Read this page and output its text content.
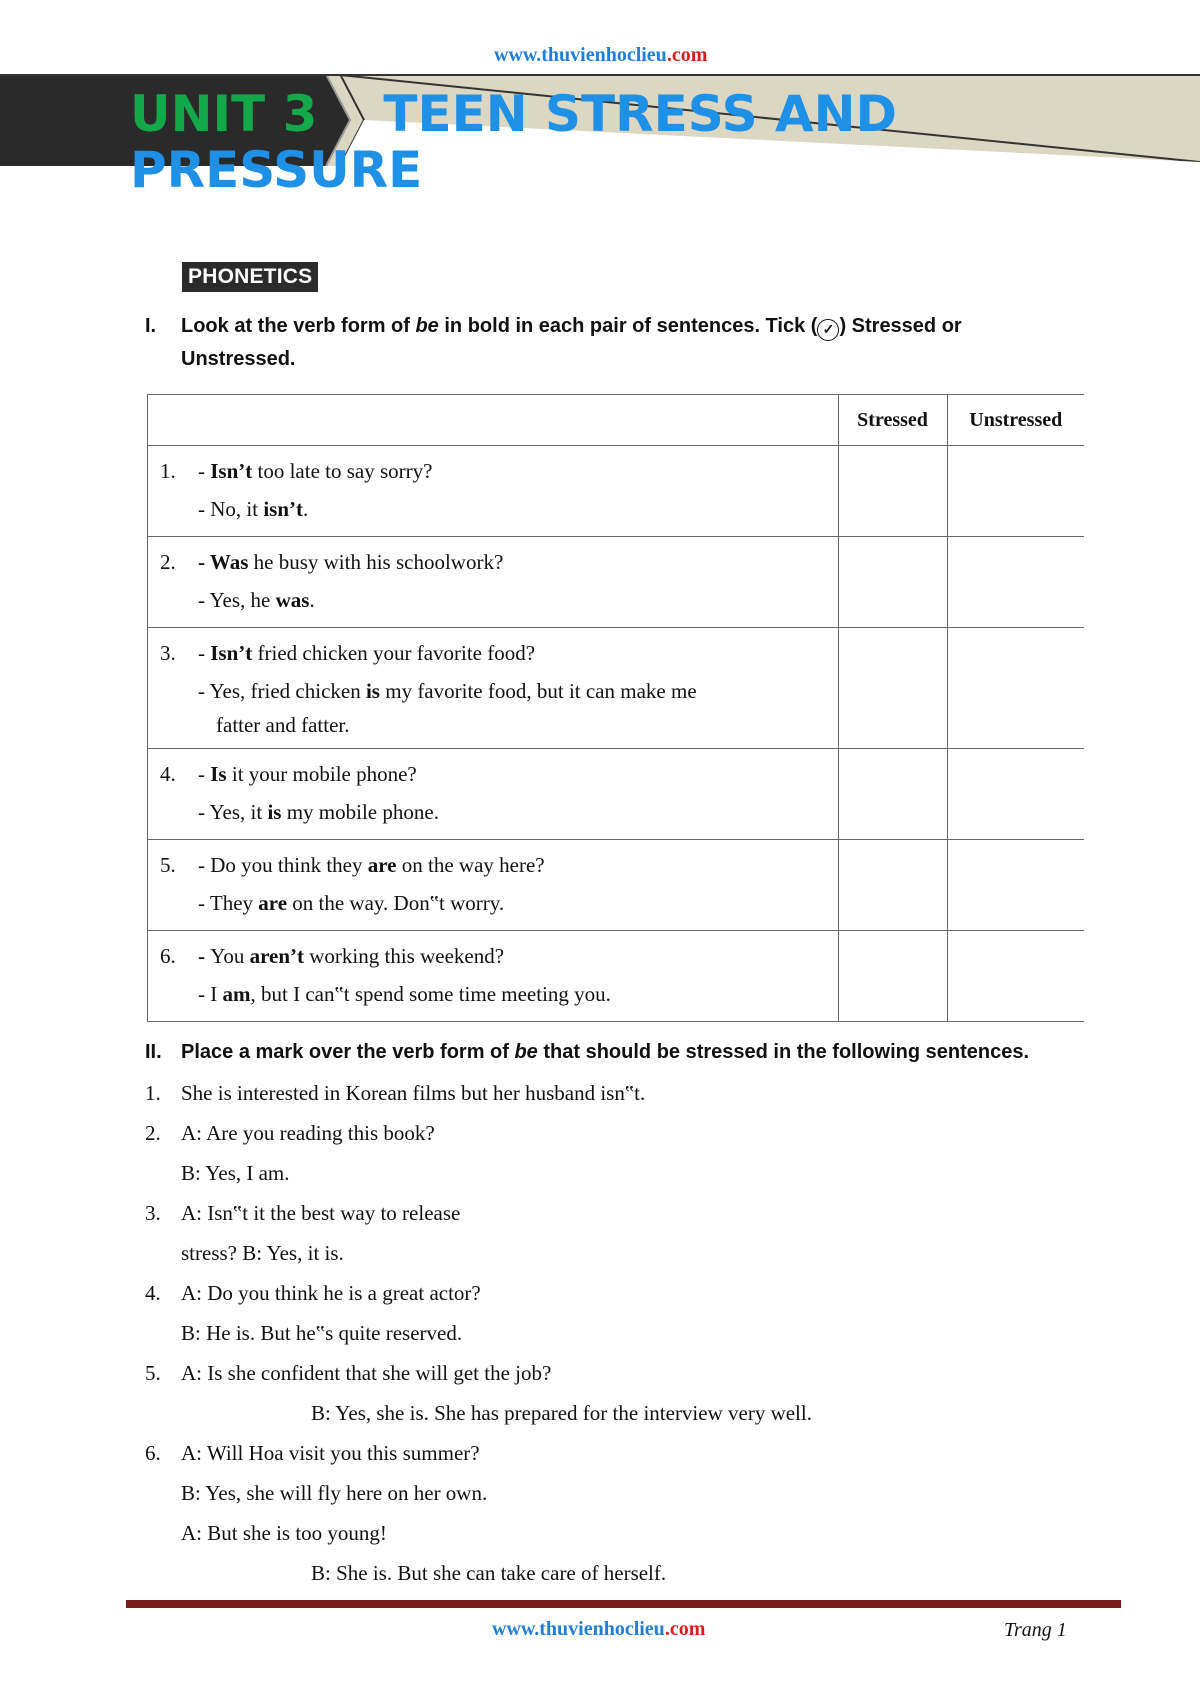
www.thuvienhoclieu.com
UNIT 3 TEEN STRESS AND
PRESSURE
PHONETICS
I. Look at the verb form of be in bold in each pair of sentences. Tick ( ✓ ) Stressed or
Unstressed.
	Stressed	Unstressed

1. - Isn’t too late to say sorry?
- No, it isn’t.		

2. - Was he busy with his schoolwork?
- Yes, he was.		

3. - Isn’t fried chicken your favorite food?
- Yes, fried chicken is my favorite food, but it can make me
fatter and fatter.		

4. - Is it your mobile phone?
- Yes, it is my mobile phone.		

5. - Do you think they are on the way here?
- They are on the way. Don‟t worry.		

6. - You aren’t working this weekend?
- I am, but I can‟t spend some time meeting you.		

II. Place a mark over the verb form of be that should be stressed in the following sentences.
1. She is interested in Korean films but her husband isn‟t.
2. A: Are you reading this book?
B: Yes, I am.
3. A: Isn‟t it the best way to release
stress? B: Yes, it is.
4. A: Do you think he is a great actor?
B: He is. But he‟s quite reserved.
5. A: Is she confident that she will get the job?
B: Yes, she is. She has prepared for the interview very well.
6. A: Will Hoa visit you this summer?
B: Yes, she will fly here on her own.
A: But she is too young!
B: She is. But she can take care of herself.
www.thuvienhoclieu.com	Trang 1
